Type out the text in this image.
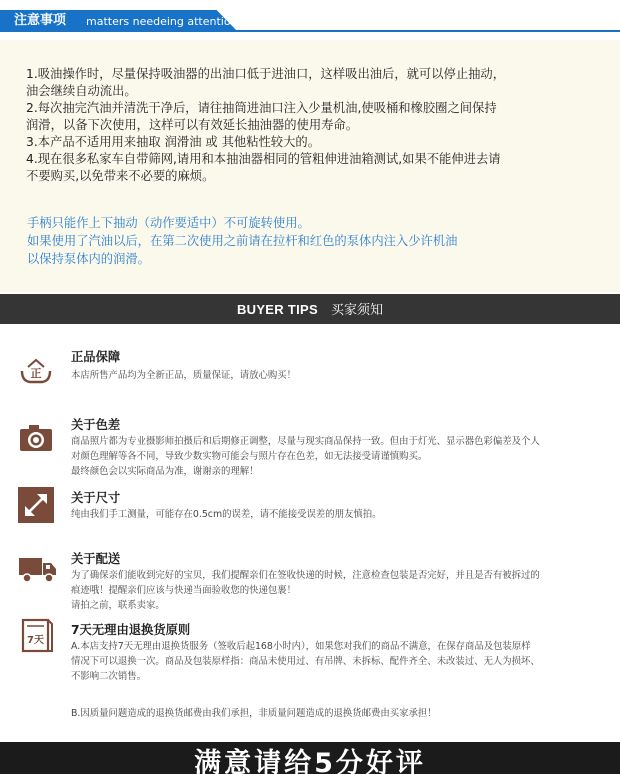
注意事项 matters needeing attention
1.吸油操作时，尽量保持吸油器的出油口低于进油口，这样吸出油后，就可以停止抽动，
油会继续自动流出。
2.每次抽完汽油并清洗干净后，请往抽筒进油口注入少量机油,使吸桶和橡胶圈之间保持
润滑，以备下次使用，这样可以有效延长抽油器的使用寿命。
3.本产品不适用用来抽取 润滑油 或 其他粘性较大的。
4.现在很多私家车自带筛网,请用和本抽油器相同的管粗伸进油箱测试,如果不能伸进去请
不要购买,以免带来不必要的麻烦。
手柄只能作上下抽动（动作要适中）不可旋转使用。
如果使用了汽油以后，在第二次使用之前请在拉杆和红色的泵体内注入少许机油
以保持泵体内的润滑。
BUYER TIPS 买家须知
正
正品保障
本店所售产品均为全新正品，质量保证，请放心购买！
关于色差
商品照片都为专业摄影师拍摄后和后期修正调整，尽量与现实商品保持一致。但由于灯光、显示器色彩偏差及个人
对颜色理解等各不同，导致少数实物可能会与照片存在色差，如无法接受请谨慎购买。
最终颜色会以实际商品为准，谢谢亲的理解！
关于尺寸
纯由我们手工测量，可能存在0.5cm的误差，请不能接受误差的朋友慎拍。
关于配送
为了确保亲们能收到完好的宝贝，我们提醒亲们在签收快递的时候，注意检查包装是否完好，并且是否有被拆过的
痕迹哦！提醒亲们应该与快递当面验收您的快递包裹！
请拍之前，联系卖家。
7天
7天无理由退换货原则
A.本店支持7天无理由退换货服务（签收后起168小时内），如果您对我们的商品不满意，在保存商品及包装原样
情况下可以退换一次。商品及包装原样指：商品未使用过、有吊牌、未拆标、配件齐全、未改装过、无人为损坏、
不影响二次销售。
B.因质量问题造成的退换货邮费由我们承担，非质量问题造成的退换货邮费由买家承担！
满意请给5分好评
